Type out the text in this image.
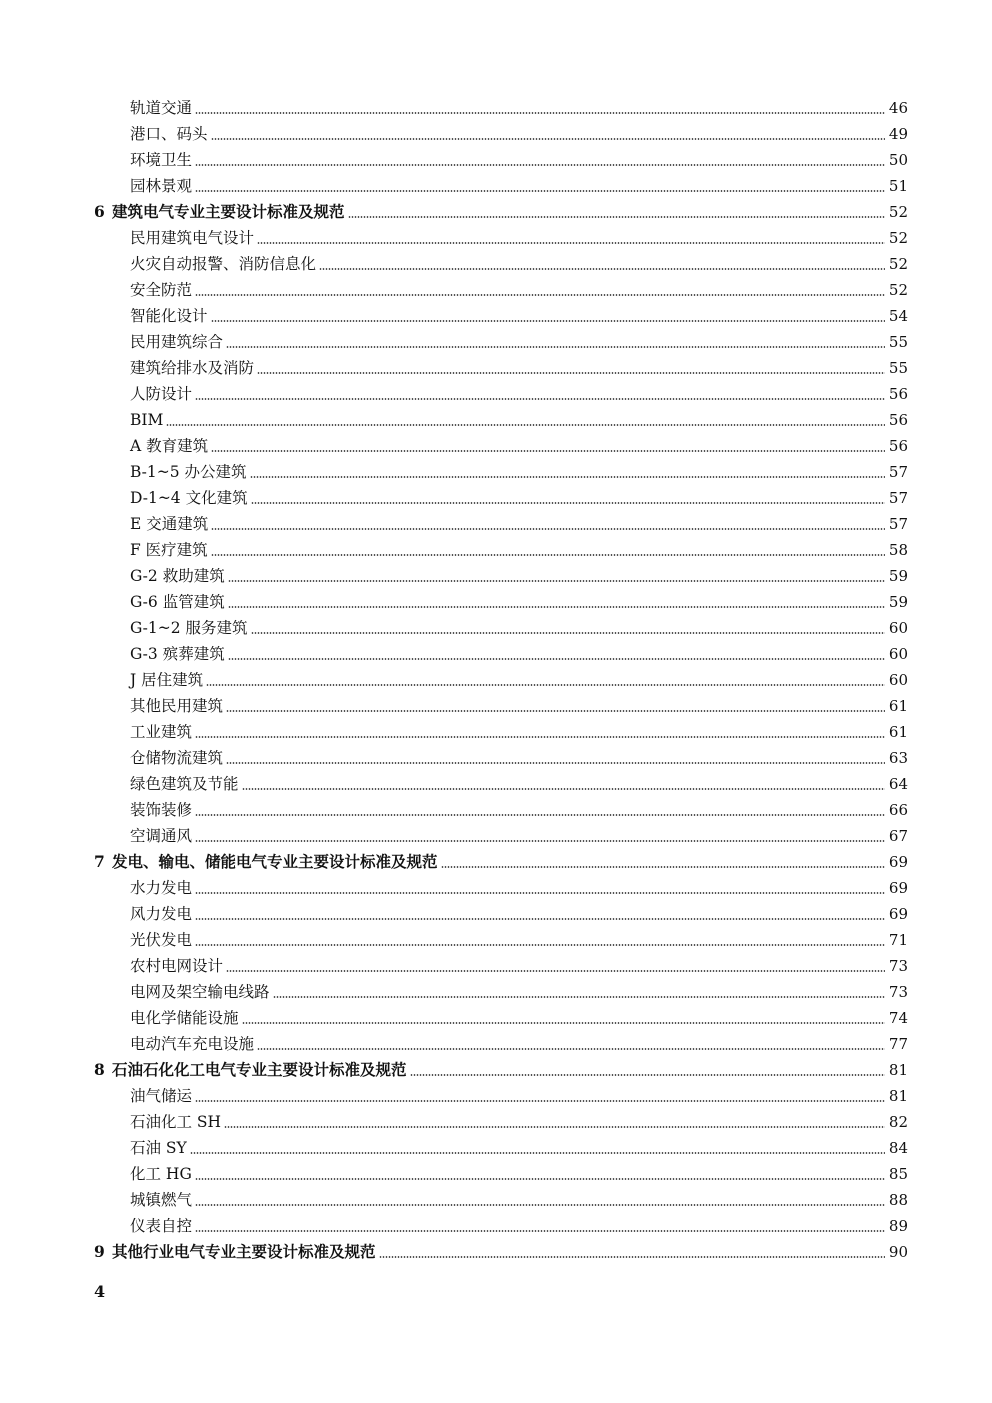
轨道交通	46
港口、码头	49
环境卫生	50
园林景观	51
6 建筑电气专业主要设计标准及规范	52
民用建筑电气设计	52
火灾自动报警、消防信息化	52
安全防范	52
智能化设计	54
民用建筑综合	55
建筑给排水及消防	55
人防设计	56
BIM	56
A 教育建筑	56
B-1~5 办公建筑	57
D-1~4 文化建筑	57
E 交通建筑	57
F 医疗建筑	58
G-2 救助建筑	59
G-6 监管建筑	59
G-1~2 服务建筑	60
G-3 殡葬建筑	60
J 居住建筑	60
其他民用建筑	61
工业建筑	61
仓储物流建筑	63
绿色建筑及节能	64
装饰装修	66
空调通风	67
7 发电、输电、储能电气专业主要设计标准及规范	69
水力发电	69
风力发电	69
光伏发电	71
农村电网设计	73
电网及架空输电线路	73
电化学储能设施	74
电动汽车充电设施	77
8 石油石化化工电气专业主要设计标准及规范	81
油气储运	81
石油化工 SH	82
石油 SY	84
化工 HG	85
城镇燃气	88
仪表自控	89
9 其他行业电气专业主要设计标准及规范	90
4
